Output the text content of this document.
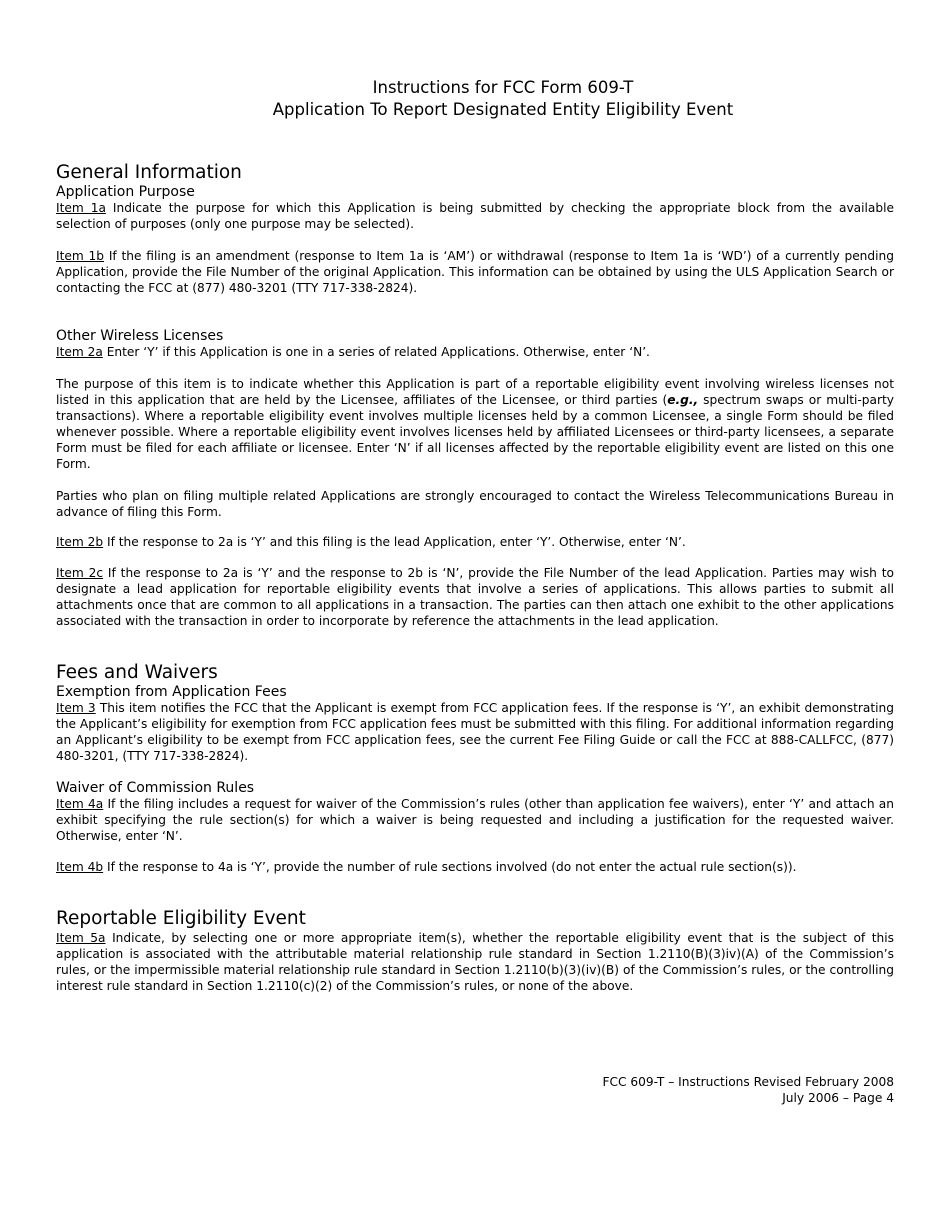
Instructions for FCC Form 609-T
Application To Report Designated Entity Eligibility Event
General Information
Application Purpose

Item 1a Indicate the purpose for which this Application is being submitted by checking the appropriate block from the available selection of purposes (only one purpose may be selected).

Item 1b If the filing is an amendment (response to Item 1a is ‘AM’) or withdrawal (response to Item 1a is ‘WD’) of a currently pending Application, provide the File Number of the original Application. This information can be obtained by using the ULS Application Search or contacting the FCC at (877) 480-3201 (TTY 717-338-2824).

Other Wireless Licenses

Item 2a Enter ‘Y’ if this Application is one in a series of related Applications. Otherwise, enter ‘N’.

The purpose of this item is to indicate whether this Application is part of a reportable eligibility event involving wireless licenses not listed in this application that are held by the Licensee, affiliates of the Licensee, or third parties (e.g., spectrum swaps or multi-party transactions). Where a reportable eligibility event involves multiple licenses held by a common Licensee, a single Form should be filed whenever possible. Where a reportable eligibility event involves licenses held by affiliated Licensees or third-party licensees, a separate Form must be filed for each affiliate or licensee. Enter ‘N’ if all licenses affected by the reportable eligibility event are listed on this one Form.

Parties who plan on filing multiple related Applications are strongly encouraged to contact the Wireless Telecommunications Bureau in advance of filing this Form.

Item 2b If the response to 2a is ‘Y’ and this filing is the lead Application, enter ‘Y’. Otherwise, enter ‘N’.

Item 2c If the response to 2a is ‘Y’ and the response to 2b is ‘N’, provide the File Number of the lead Application. Parties may wish to designate a lead application for reportable eligibility events that involve a series of applications. This allows parties to submit all attachments once that are common to all applications in a transaction. The parties can then attach one exhibit to the other applications associated with the transaction in order to incorporate by reference the attachments in the lead application.

Fees and Waivers
Exemption from Application Fees

Item 3 This item notifies the FCC that the Applicant is exempt from FCC application fees. If the response is ‘Y’, an exhibit demonstrating the Applicant’s eligibility for exemption from FCC application fees must be submitted with this filing. For additional information regarding an Applicant’s eligibility to be exempt from FCC application fees, see the current Fee Filing Guide or call the FCC at 888-CALLFCC, (877) 480-3201, (TTY 717-338-2824).

Waiver of Commission Rules

Item 4a If the filing includes a request for waiver of the Commission’s rules (other than application fee waivers), enter ‘Y’ and attach an exhibit specifying the rule section(s) for which a waiver is being requested and including a justification for the requested waiver. Otherwise, enter ‘N’.

Item 4b If the response to 4a is ‘Y’, provide the number of rule sections involved (do not enter the actual rule section(s)).

Reportable Eligibility Event

Item 5a Indicate, by selecting one or more appropriate item(s), whether the reportable eligibility event that is the subject of this application is associated with the attributable material relationship rule standard in Section 1.2110(B)(3)iv)(A) of the Commission’s rules, or the impermissible material relationship rule standard in Section 1.2110(b)(3)(iv)(B) of the Commission’s rules, or the controlling interest rule standard in Section 1.2110(c)(2) of the Commission’s rules, or none of the above.

FCC 609-T – Instructions Revised February 2008
July 2006 – Page 4
